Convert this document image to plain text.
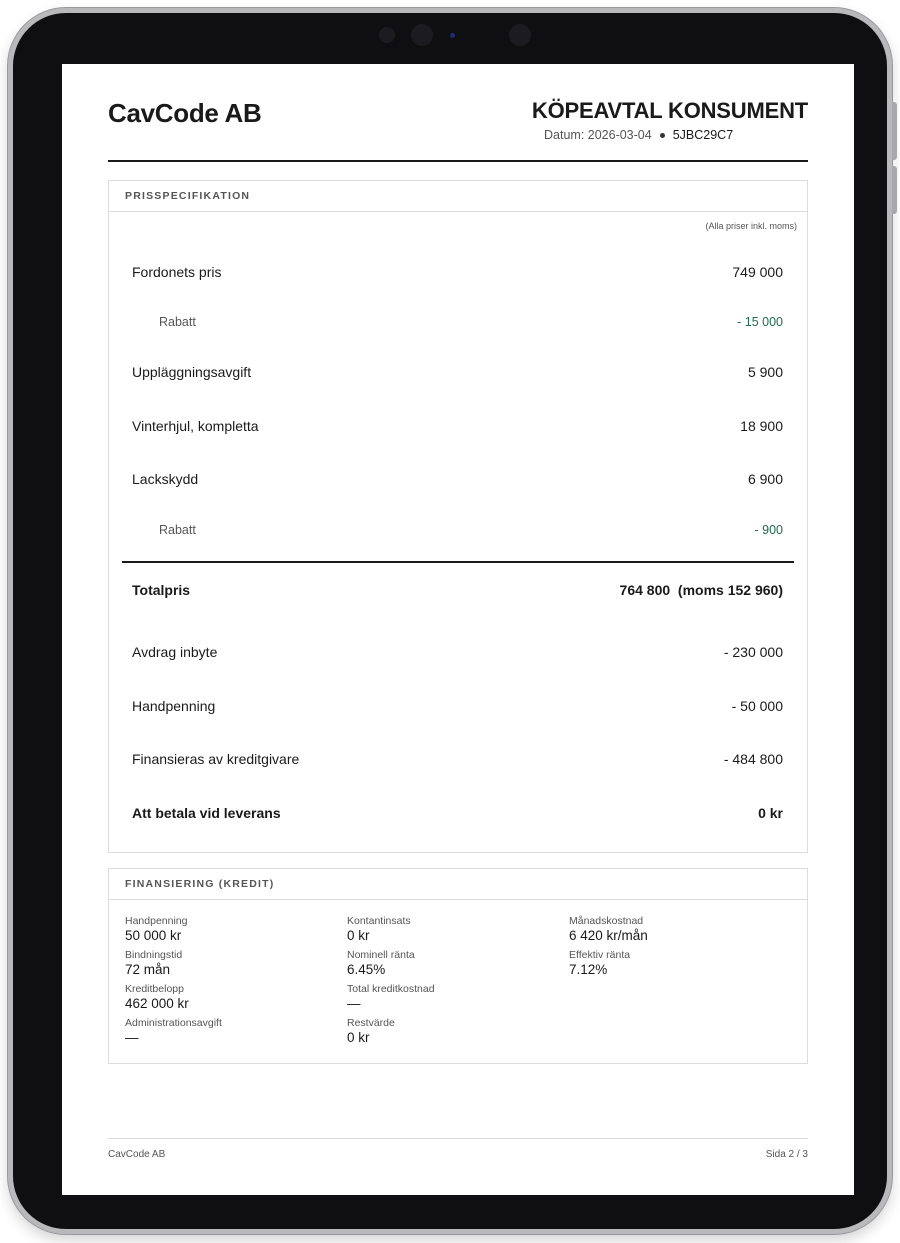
CavCode AB	KÖPEAVTAL KONSUMENT
Datum: 2026-03-04 5JBC29C7
PRISSPECIFIKATION
(Alla priser inkl. moms)
Fordonets pris	749 000
Rabatt	- 15 000
Uppläggningsavgift	5 900
Vinterhjul, kompletta	18 900
Lackskydd	6 900
Rabatt	- 900
Totalpris	764 800  (moms 152 960)
Avdrag inbyte	- 230 000
Handpenning	- 50 000
Finansieras av kreditgivare	- 484 800
Att betala vid leverans	0 kr
FINANSIERING (KREDIT)
Handpenning
50 000 kr
Kontantinsats
0 kr
Månadskostnad
6 420 kr/mån
Bindningstid
72 mån
Nominell ränta
6.45%
Effektiv ränta
7.12%
Kreditbelopp
462 000 kr
Total kreditkostnad
—
Administrationsavgift
—
Restvärde
0 kr
CavCode AB	Sida 2 / 3
